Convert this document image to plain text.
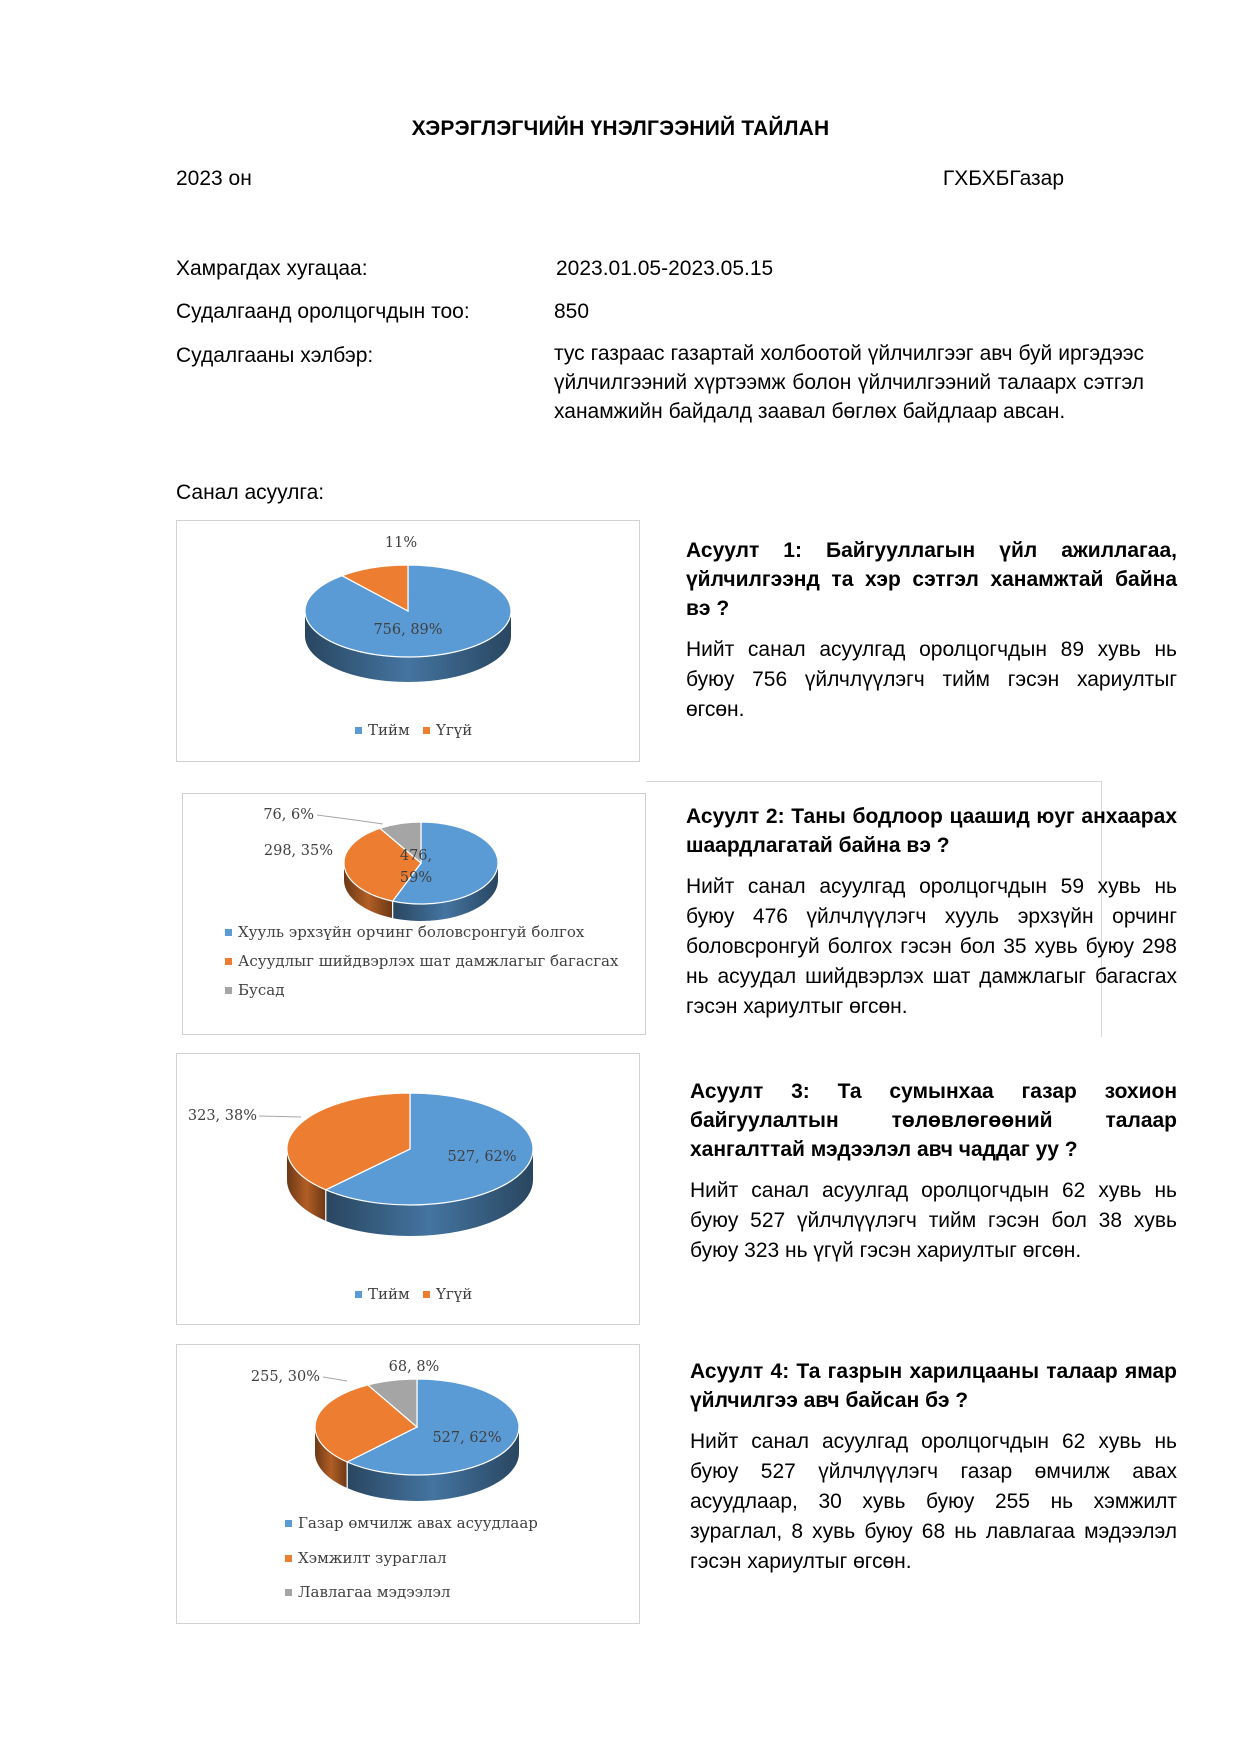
ХЭРЭГЛЭГЧИЙН ҮНЭЛГЭЭНИЙ ТАЙЛАН
2023 он	ГХБХБГазар
Хамрагдах хугацаа:	2023.01.05-2023.05.15
Судалгаанд оролцогчдын тоо:	850
Судалгааны хэлбэр:	тус газраас газартай холбоотой үйлчилгээг авч буй иргэдээс үйлчилгээний хүртээмж болон үйлчилгээний талаарх сэтгэл ханамжийн байдалд заавал бөглөх байдлаар авсан.
Санал асуулга:
756, 89%
11%
Тийм Үгүй
476,
59%
298, 35%
76, 6%
Хууль эрхзүйн орчинг боловсронгуй болгох
Асуудлыг шийдвэрлэх шат дамжлагыг багасгах
Бусад
527, 62%
323, 38%
Тийм Үгүй
527, 62%
255, 30%
68, 8%
Газар өмчилж авах асуудлаар
Хэмжилт зураглал
Лавлагаа мэдээлэл
Асуулт 1: Байгууллагын үйл ажиллагаа, үйлчилгээнд та хэр сэтгэл ханамжтай байна вэ ?
Нийт санал асуулгад оролцогчдын 89 хувь нь буюу 756 үйлчлүүлэгч тийм гэсэн хариултыг өгсөн.
Асуулт 2: Таны бодлоор цаашид юуг анхаарах шаардлагатай байна вэ ?
Нийт санал асуулгад оролцогчдын 59 хувь нь буюу 476 үйлчлүүлэгч хууль эрхзүйн орчинг боловсронгуй болгох гэсэн бол 35 хувь буюу 298 нь асуудал шийдвэрлэх шат дамжлагыг багасгах гэсэн хариултыг өгсөн.
Асуулт 3: Та сумынхаа газар зохион байгуулалтын төлөвлөгөөний талаар хангалттай мэдээлэл авч чаддаг уу ?
Нийт санал асуулгад оролцогчдын 62 хувь нь буюу 527 үйлчлүүлэгч тийм гэсэн бол 38 хувь буюу 323 нь үгүй гэсэн хариултыг өгсөн.
Асуулт 4: Та газрын харилцааны талаар ямар үйлчилгээ авч байсан бэ ?
Нийт санал асуулгад оролцогчдын 62 хувь нь буюу 527 үйлчлүүлэгч газар өмчилж авах асуудлаар, 30 хувь буюу 255 нь хэмжилт зураглал, 8 хувь буюу 68 нь лавлагаа мэдээлэл гэсэн хариултыг өгсөн.
